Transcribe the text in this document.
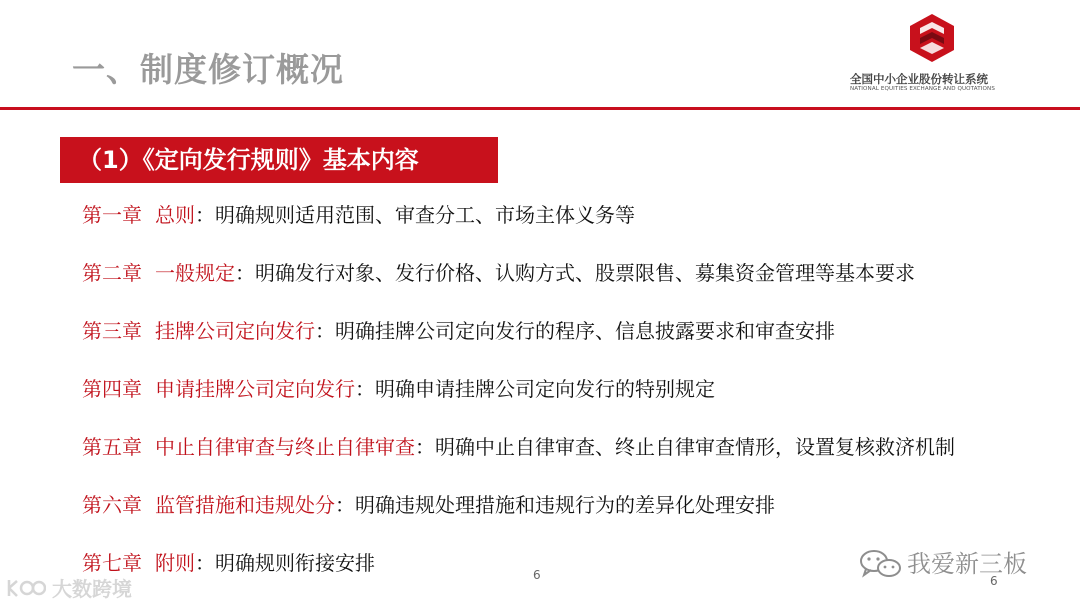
一、制度修订概况	全国中小企业股份转让系统
NATIONAL EQUITIES EXCHANGE AND QUOTATIONS
（1）《定向发行规则》基本内容
第一章 总则：明确规则适用范围、审查分工、市场主体义务等
第二章 一般规定：明确发行对象、发行价格、认购方式、股票限售、募集资金管理等基本要求
第三章 挂牌公司定向发行：明确挂牌公司定向发行的程序、信息披露要求和审查安排
第四章 申请挂牌公司定向发行：明确申请挂牌公司定向发行的特别规定
第五章 中止自律审查与终止自律审查：明确中止自律审查、终止自律审查情形，设置复核救济机制
第六章 监管措施和违规处分：明确违规处理措施和违规行为的差异化处理安排
第七章 附则：明确规则衔接安排	6	6
大数跨境
我爱新三板
